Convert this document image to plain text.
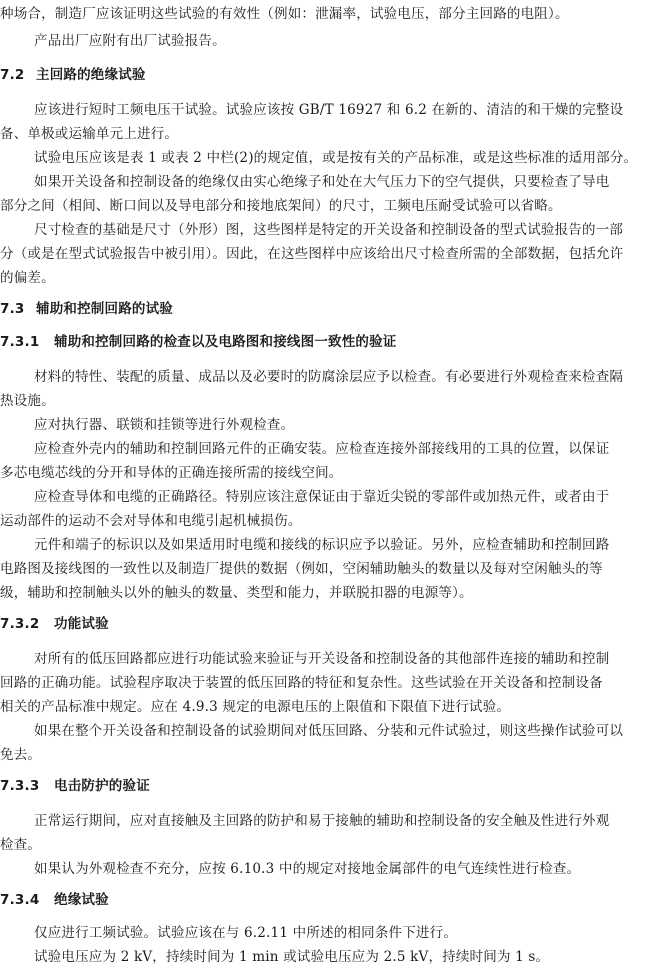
种场合，制造厂应该证明这些试验的有效性（例如：泄漏率，试验电压，部分主回路的电阻）。
产品出厂应附有出厂试验报告。
7.2 主回路的绝缘试验
应该进行短时工频电压干试验。试验应该按 GB/T 16927 和 6.2 在新的、清洁的和干燥的完整设
备、单极或运输单元上进行。
试验电压应该是表 1 或表 2 中栏(2)的规定值，或是按有关的产品标准，或是这些标准的适用部分。
如果开关设备和控制设备的绝缘仅由实心绝缘子和处在大气压力下的空气提供，只要检查了导电
部分之间（相间、断口间以及导电部分和接地底架间）的尺寸，工频电压耐受试验可以省略。
尺寸检查的基础是尺寸（外形）图，这些图样是特定的开关设备和控制设备的型式试验报告的一部
分（或是在型式试验报告中被引用）。因此，在这些图样中应该给出尺寸检查所需的全部数据，包括允许
的偏差。
7.3 辅助和控制回路的试验
7.3.1 辅助和控制回路的检查以及电路图和接线图一致性的验证
材料的特性、装配的质量、成品以及必要时的防腐涂层应予以检查。有必要进行外观检查来检查隔
热设施。
应对执行器、联锁和挂锁等进行外观检查。
应检查外壳内的辅助和控制回路元件的正确安装。应检查连接外部接线用的工具的位置，以保证
多芯电缆芯线的分开和导体的正确连接所需的接线空间。
应检查导体和电缆的正确路径。特别应该注意保证由于靠近尖锐的零部件或加热元件，或者由于
运动部件的运动不会对导体和电缆引起机械损伤。
元件和端子的标识以及如果适用时电缆和接线的标识应予以验证。另外，应检查辅助和控制回路
电路图及接线图的一致性以及制造厂提供的数据（例如，空闲辅助触头的数量以及每对空闲触头的等
级，辅助和控制触头以外的触头的数量、类型和能力，并联脱扣器的电源等）。
7.3.2 功能试验
对所有的低压回路都应进行功能试验来验证与开关设备和控制设备的其他部件连接的辅助和控制
回路的正确功能。试验程序取决于装置的低压回路的特征和复杂性。这些试验在开关设备和控制设备
相关的产品标准中规定。应在 4.9.3 规定的电源电压的上限值和下限值下进行试验。
如果在整个开关设备和控制设备的试验期间对低压回路、分装和元件试验过，则这些操作试验可以
免去。
7.3.3 电击防护的验证
正常运行期间，应对直接触及主回路的防护和易于接触的辅助和控制设备的安全触及性进行外观
检查。
如果认为外观检查不充分，应按 6.10.3 中的规定对接地金属部件的电气连续性进行检查。
7.3.4 绝缘试验
仅应进行工频试验。试验应该在与 6.2.11 中所述的相同条件下进行。
试验电压应为 2 kV，持续时间为 1 min 或试验电压应为 2.5 kV，持续时间为 1 s。
